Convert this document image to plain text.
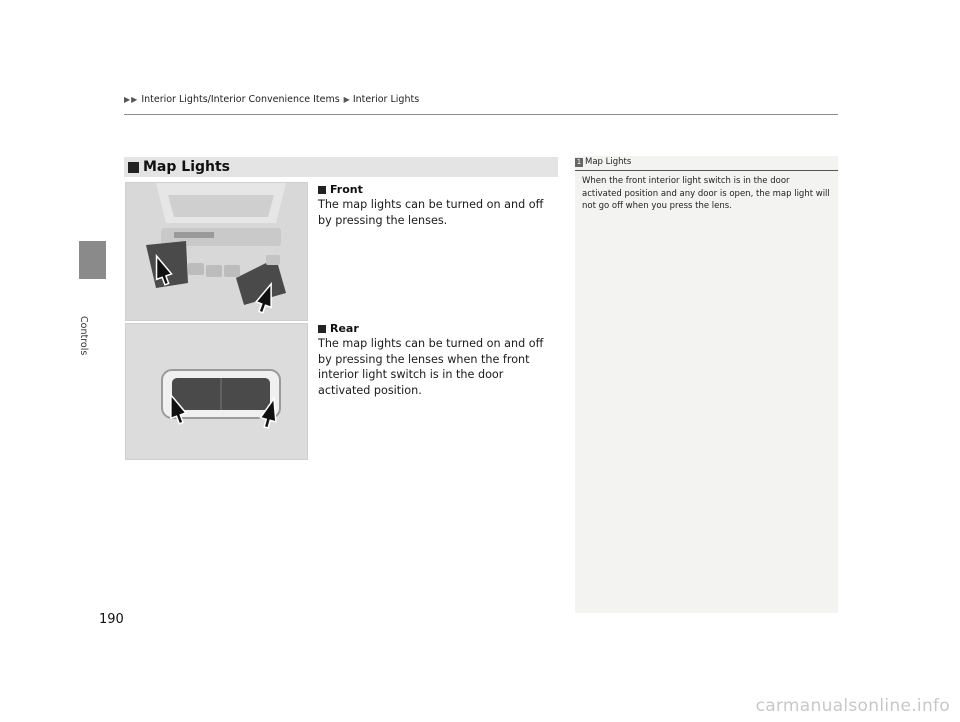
▶ ▶ Interior Lights/Interior Convenience Items ▶ Interior Lights
Controls
190
Map Lights
Front
The map lights can be turned on and off by pressing the lenses.
Rear
The map lights can be turned on and off by pressing the lenses when the front interior light switch is in the door activated position.
1 Map Lights
When the front interior light switch is in the door activated position and any door is open, the map light will not go off when you press the lens.
carmanualsonline.info
